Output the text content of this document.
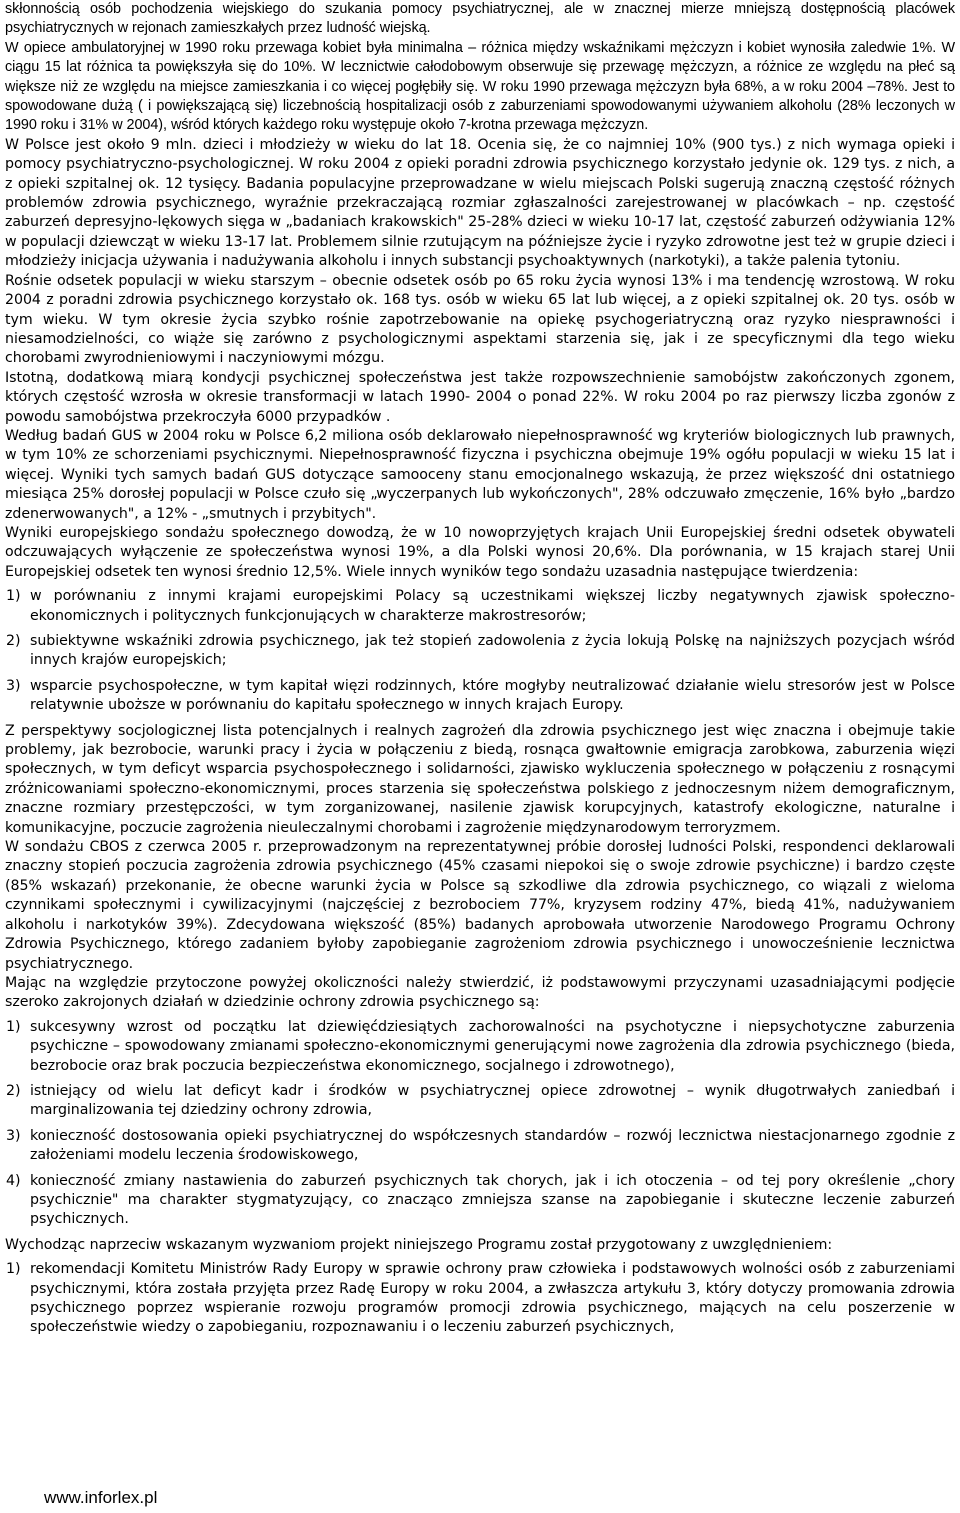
skłonnością osób pochodzenia wiejskiego do szukania pomocy psychiatrycznej, ale w znacznej mierze mniejszą dostępnością placówek psychiatrycznych w rejonach zamieszkałych przez ludność wiejską.

W opiece ambulatoryjnej w 1990 roku przewaga kobiet była minimalna – różnica między wskaźnikami mężczyzn i kobiet wynosiła zaledwie 1%. W ciągu 15 lat różnica ta powiększyła się do 10%. W lecznictwie całodobowym obserwuje się przewagę mężczyzn, a różnice ze względu na płeć są większe niż ze względu na miejsce zamieszkania i co więcej pogłębiły się. W roku 1990 przewaga mężczyzn była 68%, a w roku 2004 –78%. Jest to spowodowane dużą ( i powiększającą się) liczebnością hospitalizacji osób z zaburzeniami spowodowanymi używaniem alkoholu (28% leczonych w 1990 roku i 31% w 2004), wśród których każdego roku występuje około 7-krotna przewaga mężczyzn.

W Polsce jest około 9 mln. dzieci i młodzieży w wieku do lat 18. Ocenia się, że co najmniej 10% (900 tys.) z nich wymaga opieki i pomocy psychiatryczno-psychologicznej. W roku 2004 z opieki poradni zdrowia psychicznego korzystało jedynie ok. 129 tys. z nich, a z opieki szpitalnej ok. 12 tysięcy. Badania populacyjne przeprowadzane w wielu miejscach Polski sugerują znaczną częstość różnych problemów zdrowia psychicznego, wyraźnie przekraczającą rozmiar zgłaszalności zarejestrowanej w placówkach – np. częstość zaburzeń depresyjno-lękowych sięga w „badaniach krakowskich" 25-28% dzieci w wieku 10-17 lat, częstość zaburzeń odżywiania 12% w populacji dziewcząt w wieku 13-17 lat. Problemem silnie rzutującym na późniejsze życie i ryzyko zdrowotne jest też w grupie dzieci i młodzieży inicjacja używania i nadużywania alkoholu i innych substancji psychoaktywnych (narkotyki), a także palenia tytoniu.

Rośnie odsetek populacji w wieku starszym – obecnie odsetek osób po 65 roku życia wynosi 13% i ma tendencję wzrostową. W roku 2004 z poradni zdrowia psychicznego korzystało ok. 168 tys. osób w wieku 65 lat lub więcej, a z opieki szpitalnej ok. 20 tys. osób w tym wieku. W tym okresie życia szybko rośnie zapotrzebowanie na opiekę psychogeriatryczną oraz ryzyko niesprawności i niesamodzielności, co wiąże się zarówno z psychologicznymi aspektami starzenia się, jak i ze specyficznymi dla tego wieku chorobami zwyrodnieniowymi i naczyniowymi mózgu.

Istotną, dodatkową miarą kondycji psychicznej społeczeństwa jest także rozpowszechnienie samobójstw zakończonych zgonem, których częstość wzrosła w okresie transformacji w latach 1990- 2004 o ponad 22%. W roku 2004 po raz pierwszy liczba zgonów z powodu samobójstwa przekroczyła 6000 przypadków .

Według badań GUS w 2004 roku w Polsce 6,2 miliona osób deklarowało niepełnosprawność wg kryteriów biologicznych lub prawnych, w tym 10% ze schorzeniami psychicznymi. Niepełnosprawność fizyczna i psychiczna obejmuje 19% ogółu populacji w wieku 15 lat i więcej. Wyniki tych samych badań GUS dotyczące samooceny stanu emocjonalnego wskazują, że przez większość dni ostatniego miesiąca 25% dorosłej populacji w Polsce czuło się „wyczerpanych lub wykończonych", 28% odczuwało zmęczenie, 16% było „bardzo zdenerwowanych", a 12% - „smutnych i przybitych".

Wyniki europejskiego sondażu społecznego dowodzą, że w 10 nowoprzyjętych krajach Unii Europejskiej średni odsetek obywateli odczuwających wyłączenie ze społeczeństwa wynosi 19%, a dla Polski wynosi 20,6%. Dla porównania, w 15 krajach starej Unii Europejskiej odsetek ten wynosi średnio 12,5%. Wiele innych wyników tego sondażu uzasadnia następujące twierdzenia:

1) w porównaniu z innymi krajami europejskimi Polacy są uczestnikami większej liczby negatywnych zjawisk społeczno-ekonomicznych i politycznych funkcjonujących w charakterze makrostresorów;
2) subiektywne wskaźniki zdrowia psychicznego, jak też stopień zadowolenia z życia lokują Polskę na najniższych pozycjach wśród innych krajów europejskich;
3) wsparcie psychospołeczne, w tym kapitał więzi rodzinnych, które mogłyby neutralizować działanie wielu stresorów jest w Polsce relatywnie uboższe w porównaniu do kapitału społecznego w innych krajach Europy.

Z perspektywy socjologicznej lista potencjalnych i realnych zagrożeń dla zdrowia psychicznego jest więc znaczna i obejmuje takie problemy, jak bezrobocie, warunki pracy i życia w połączeniu z biedą, rosnąca gwałtownie emigracja zarobkowa, zaburzenia więzi społecznych, w tym deficyt wsparcia psychospołecznego i solidarności, zjawisko wykluczenia społecznego w połączeniu z rosnącymi zróżnicowaniami społeczno-ekonomicznymi, proces starzenia się społeczeństwa polskiego z jednoczesnym niżem demograficznym, znaczne rozmiary przestępczości, w tym zorganizowanej, nasilenie zjawisk korupcyjnych, katastrofy ekologiczne, naturalne i komunikacyjne, poczucie zagrożenia nieuleczalnymi chorobami i zagrożenie międzynarodowym terroryzmem.

W sondażu CBOS z czerwca 2005 r. przeprowadzonym na reprezentatywnej próbie dorosłej ludności Polski, respondenci deklarowali znaczny stopień poczucia zagrożenia zdrowia psychicznego (45% czasami niepokoi się o swoje zdrowie psychiczne) i bardzo częste (85% wskazań) przekonanie, że obecne warunki życia w Polsce są szkodliwe dla zdrowia psychicznego, co wiązali z wieloma czynnikami społecznymi i cywilizacyjnymi (najczęściej z bezrobociem 77%, kryzysem rodziny 47%, biedą 41%, nadużywaniem alkoholu i narkotyków 39%). Zdecydowana większość (85%) badanych aprobowała utworzenie Narodowego Programu Ochrony Zdrowia Psychicznego, którego zadaniem byłoby zapobieganie zagrożeniom zdrowia psychicznego i unowocześnienie lecznictwa psychiatrycznego.

Mając na względzie przytoczone powyżej okoliczności należy stwierdzić, iż podstawowymi przyczynami uzasadniającymi podjęcie szeroko zakrojonych działań w dziedzinie ochrony zdrowia psychicznego są:

1) sukcesywny wzrost od początku lat dziewięćdziesiątych zachorowalności na psychotyczne i niepsychotyczne zaburzenia psychiczne – spowodowany zmianami społeczno-ekonomicznymi generującymi nowe zagrożenia dla zdrowia psychicznego (bieda, bezrobocie oraz brak poczucia bezpieczeństwa ekonomicznego, socjalnego i zdrowotnego),
2) istniejący od wielu lat deficyt kadr i środków w psychiatrycznej opiece zdrowotnej – wynik długotrwałych zaniedbań i marginalizowania tej dziedziny ochrony zdrowia,
3) konieczność dostosowania opieki psychiatrycznej do współczesnych standardów – rozwój lecznictwa niestacjonarnego zgodnie z założeniami modelu leczenia środowiskowego,
4) konieczność zmiany nastawienia do zaburzeń psychicznych tak chorych, jak i ich otoczenia – od tej pory określenie „chory psychicznie" ma charakter stygmatyzujący, co znacząco zmniejsza szanse na zapobieganie i skuteczne leczenie zaburzeń psychicznych.

Wychodząc naprzeciw wskazanym wyzwaniom projekt niniejszego Programu został przygotowany z uwzględnieniem:

1) rekomendacji Komitetu Ministrów Rady Europy w sprawie ochrony praw człowieka i podstawowych wolności osób z zaburzeniami psychicznymi, która została przyjęta przez Radę Europy w roku 2004, a zwłaszcza artykułu 3, który dotyczy promowania zdrowia psychicznego poprzez wspieranie rozwoju programów promocji zdrowia psychicznego, mających na celu poszerzenie w społeczeństwie wiedzy o zapobieganiu, rozpoznawaniu i o leczeniu zaburzeń psychicznych,
www.inforlex.pl
